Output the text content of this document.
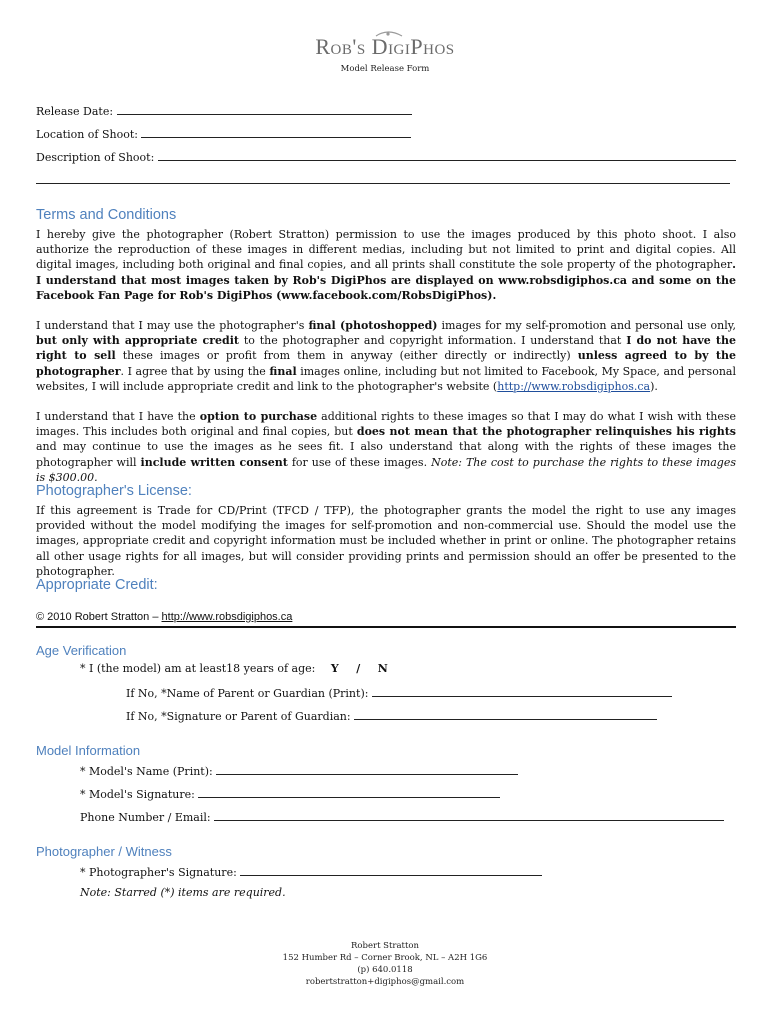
Rob's DigiPhos
Model Release Form
Release Date:
Location of Shoot:
Description of Shoot:
Terms and Conditions
I hereby give the photographer (Robert Stratton) permission to use the images produced by this photo shoot. I also authorize the reproduction of these images in different medias, including but not limited to print and digital copies. All digital images, including both original and final copies, and all prints shall constitute the sole property of the photographer. I understand that most images taken by Rob's DigiPhos are displayed on www.robsdigiphos.ca and some on the Facebook Fan Page for Rob's DigiPhos (www.facebook.com/RobsDigiPhos).
I understand that I may use the photographer's final (photoshopped) images for my self-promotion and personal use only, but only with appropriate credit to the photographer and copyright information. I understand that I do not have the right to sell these images or profit from them in anyway (either directly or indirectly) unless agreed to by the photographer. I agree that by using the final images online, including but not limited to Facebook, My Space, and personal websites, I will include appropriate credit and link to the photographer's website (http://www.robsdigiphos.ca).
I understand that I have the option to purchase additional rights to these images so that I may do what I wish with these images. This includes both original and final copies, but does not mean that the photographer relinquishes his rights and may continue to use the images as he sees fit. I also understand that along with the rights of these images the photographer will include written consent for use of these images. Note: The cost to purchase the rights to these images is $300.00.
Photographer's License:
If this agreement is Trade for CD/Print (TFCD / TFP), the photographer grants the model the right to use any images provided without the model modifying the images for self-promotion and non-commercial use. Should the model use the images, appropriate credit and copyright information must be included whether in print or online. The photographer retains all other usage rights for all images, but will consider providing prints and permission should an offer be presented to the photographer.
Appropriate Credit:
© 2010 Robert Stratton – http://www.robsdigiphos.ca
Age Verification
* I (the model) am at least18 years of age: Y / N
If No, *Name of Parent or Guardian (Print):
If No, *Signature or Parent of Guardian:
Model Information
* Model's Name (Print):
* Model's Signature:
Phone Number / Email:
Photographer / Witness
* Photographer's Signature:
Note: Starred (*) items are required.
Robert Stratton
152 Humber Rd – Corner Brook, NL – A2H 1G6
(p) 640.0118
robertstratton+digiphos@gmail.com
